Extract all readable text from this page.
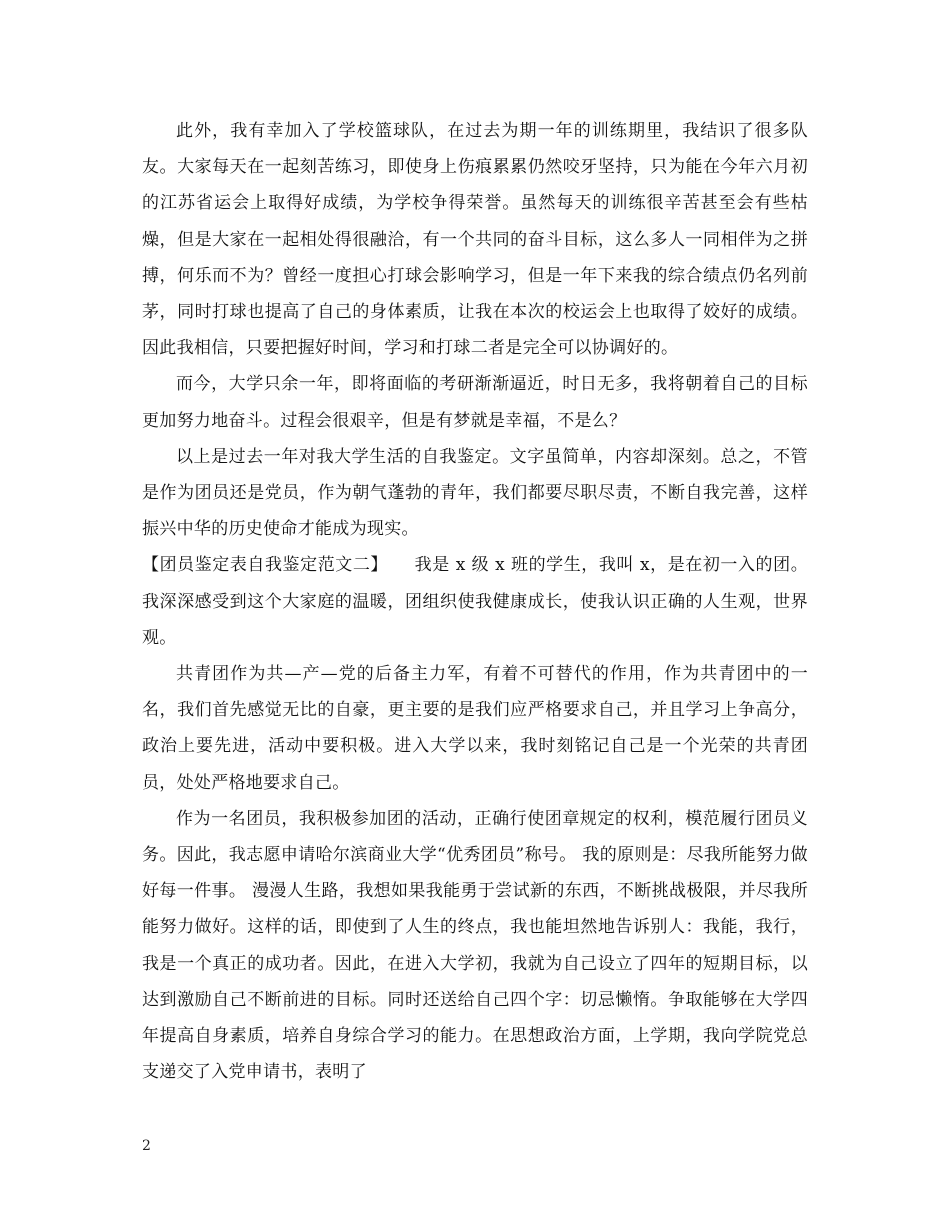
此外，我有幸加入了学校篮球队，在过去为期一年的训练期里，我结识了很多队友。大家每天在一起刻苦练习，即使身上伤痕累累仍然咬牙坚持，只为能在今年六月初的江苏省运会上取得好成绩，为学校争得荣誉。虽然每天的训练很辛苦甚至会有些枯燥，但是大家在一起相处得很融洽，有一个共同的奋斗目标，这么多人一同相伴为之拼搏，何乐而不为？曾经一度担心打球会影响学习，但是一年下来我的综合绩点仍名列前茅，同时打球也提高了自己的身体素质，让我在本次的校运会上也取得了姣好的成绩。因此我相信，只要把握好时间，学习和打球二者是完全可以协调好的。

而今，大学只余一年，即将面临的考研渐渐逼近，时日无多，我将朝着自己的目标更加努力地奋斗。过程会很艰辛，但是有梦就是幸福，不是么？

以上是过去一年对我大学生活的自我鉴定。文字虽简单，内容却深刻。总之，不管是作为团员还是党员，作为朝气蓬勃的青年，我们都要尽职尽责，不断自我完善，这样振兴中华的历史使命才能成为现实。

【团员鉴定表自我鉴定范文二】　　我是 x 级 x 班的学生，我叫 x，是在初一入的团。我深深感受到这个大家庭的温暖，团组织使我健康成长，使我认识正确的人生观，世界观。

共青团作为共—产—党的后备主力军，有着不可替代的作用，作为共青团中的一名，我们首先感觉无比的自豪，更主要的是我们应严格要求自己，并且学习上争高分，政治上要先进，活动中要积极。进入大学以来，我时刻铭记自己是一个光荣的共青团员，处处严格地要求自己。

作为一名团员，我积极参加团的活动，正确行使团章规定的权利，模范履行团员义务。因此，我志愿申请哈尔滨商业大学“优秀团员”称号。 我的原则是：尽我所能努力做好每一件事。 漫漫人生路，我想如果我能勇于尝试新的东西，不断挑战极限，并尽我所能努力做好。这样的话，即使到了人生的终点，我也能坦然地告诉别人：我能，我行，我是一个真正的成功者。因此，在进入大学初，我就为自己设立了四年的短期目标，以达到激励自己不断前进的目标。同时还送给自己四个字：切忌懒惰。争取能够在大学四年提高自身素质，培养自身综合学习的能力。在思想政治方面，上学期，我向学院党总支递交了入党申请书，表明了

2
